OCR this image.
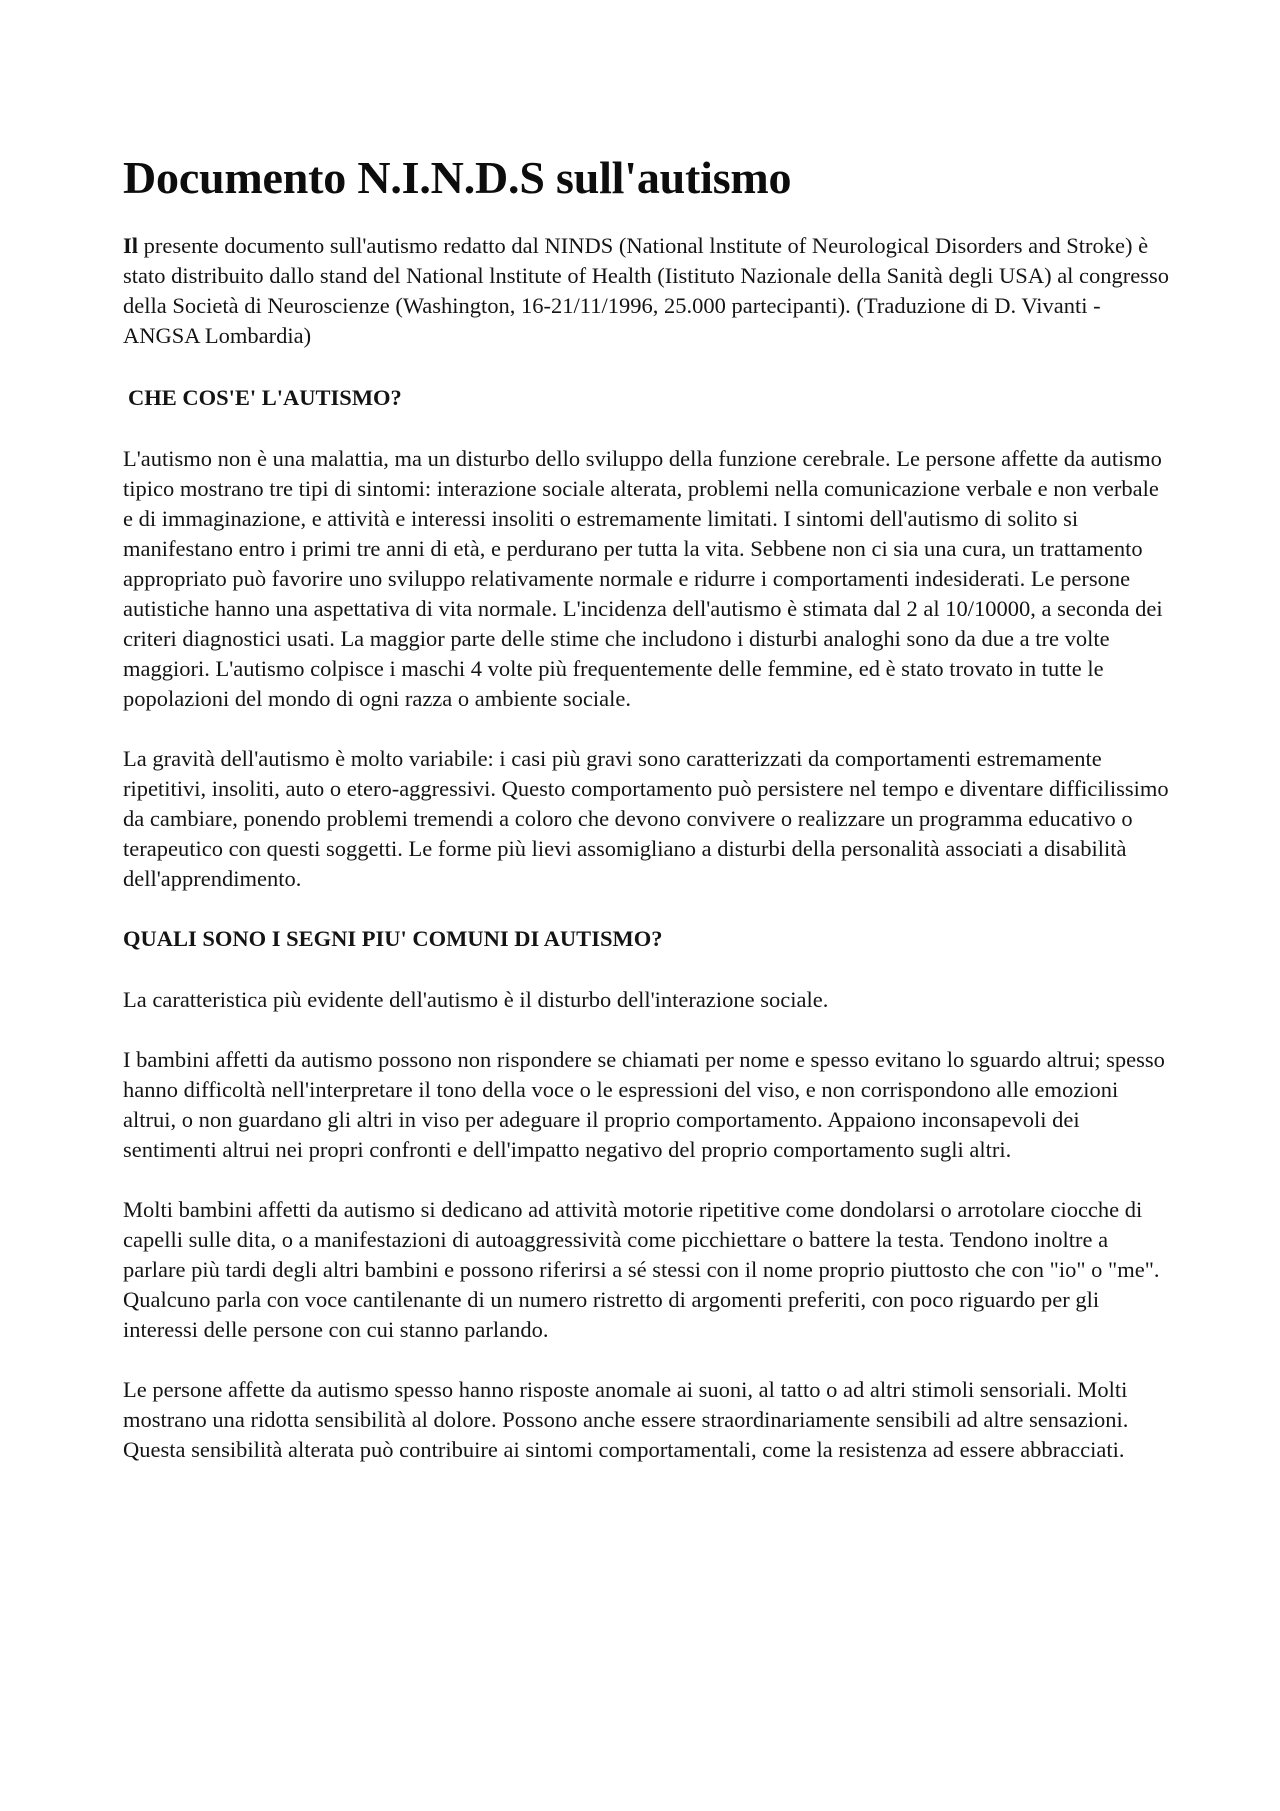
Documento N.I.N.D.S sull'autismo

Il presente documento sull'autismo redatto dal NINDS (National lnstitute of Neurological Disorders and Stroke) è stato distribuito dallo stand del National lnstitute of Health (Iistituto Nazionale della Sanità degli USA) al congresso della Società di Neuroscienze (Washington, 16-21/11/1996, 25.000 partecipanti). (Traduzione di D. Vivanti - ANGSA Lombardia)

CHE COS'E' L'AUTISMO?

L'autismo non è una malattia, ma un disturbo dello sviluppo della funzione cerebrale. Le persone affette da autismo tipico mostrano tre tipi di sintomi: interazione sociale alterata, problemi nella comunicazione verbale e non verbale e di immaginazione, e attività e interessi insoliti o estremamente limitati. I sintomi dell'autismo di solito si manifestano entro i primi tre anni di età, e perdurano per tutta la vita. Sebbene non ci sia una cura, un trattamento appropriato può favorire uno sviluppo relativamente normale e ridurre i comportamenti indesiderati. Le persone autistiche hanno una aspettativa di vita normale. L'incidenza dell'autismo è stimata dal 2 al 10/10000, a seconda dei criteri diagnostici usati. La maggior parte delle stime che includono i disturbi analoghi sono da due a tre volte maggiori. L'autismo colpisce i maschi 4 volte più frequentemente delle femmine, ed è stato trovato in tutte le popolazioni del mondo di ogni razza o ambiente sociale.

La gravità dell'autismo è molto variabile: i casi più gravi sono caratterizzati da comportamenti estremamente ripetitivi, insoliti, auto o etero-aggressivi. Questo comportamento può persistere nel tempo e diventare difficilissimo da cambiare, ponendo problemi tremendi a coloro che devono convivere o realizzare un programma educativo o terapeutico con questi soggetti. Le forme più lievi assomigliano a disturbi della personalità associati a disabilità dell'apprendimento.

QUALI SONO I SEGNI PIU' COMUNI DI AUTISMO?

La caratteristica più evidente dell'autismo è il disturbo dell'interazione sociale.

I bambini affetti da autismo possono non rispondere se chiamati per nome e spesso evitano lo sguardo altrui; spesso hanno difficoltà nell'interpretare il tono della voce o le espressioni del viso, e non corrispondono alle emozioni altrui, o non guardano gli altri in viso per adeguare il proprio comportamento. Appaiono inconsapevoli dei sentimenti altrui nei propri confronti e dell'impatto negativo del proprio comportamento sugli altri.

Molti bambini affetti da autismo si dedicano ad attività motorie ripetitive come dondolarsi o arrotolare ciocche di capelli sulle dita, o a manifestazioni di autoaggressività come picchiettare o battere la testa. Tendono inoltre a parlare più tardi degli altri bambini e possono riferirsi a sé stessi con il nome proprio piuttosto che con "io" o "me". Qualcuno parla con voce cantilenante di un numero ristretto di argomenti preferiti, con poco riguardo per gli interessi delle persone con cui stanno parlando.

Le persone affette da autismo spesso hanno risposte anomale ai suoni, al tatto o ad altri stimoli sensoriali. Molti mostrano una ridotta sensibilità al dolore. Possono anche essere straordinariamente sensibili ad altre sensazioni. Questa sensibilità alterata può contribuire ai sintomi comportamentali, come la resistenza ad essere abbracciati.
